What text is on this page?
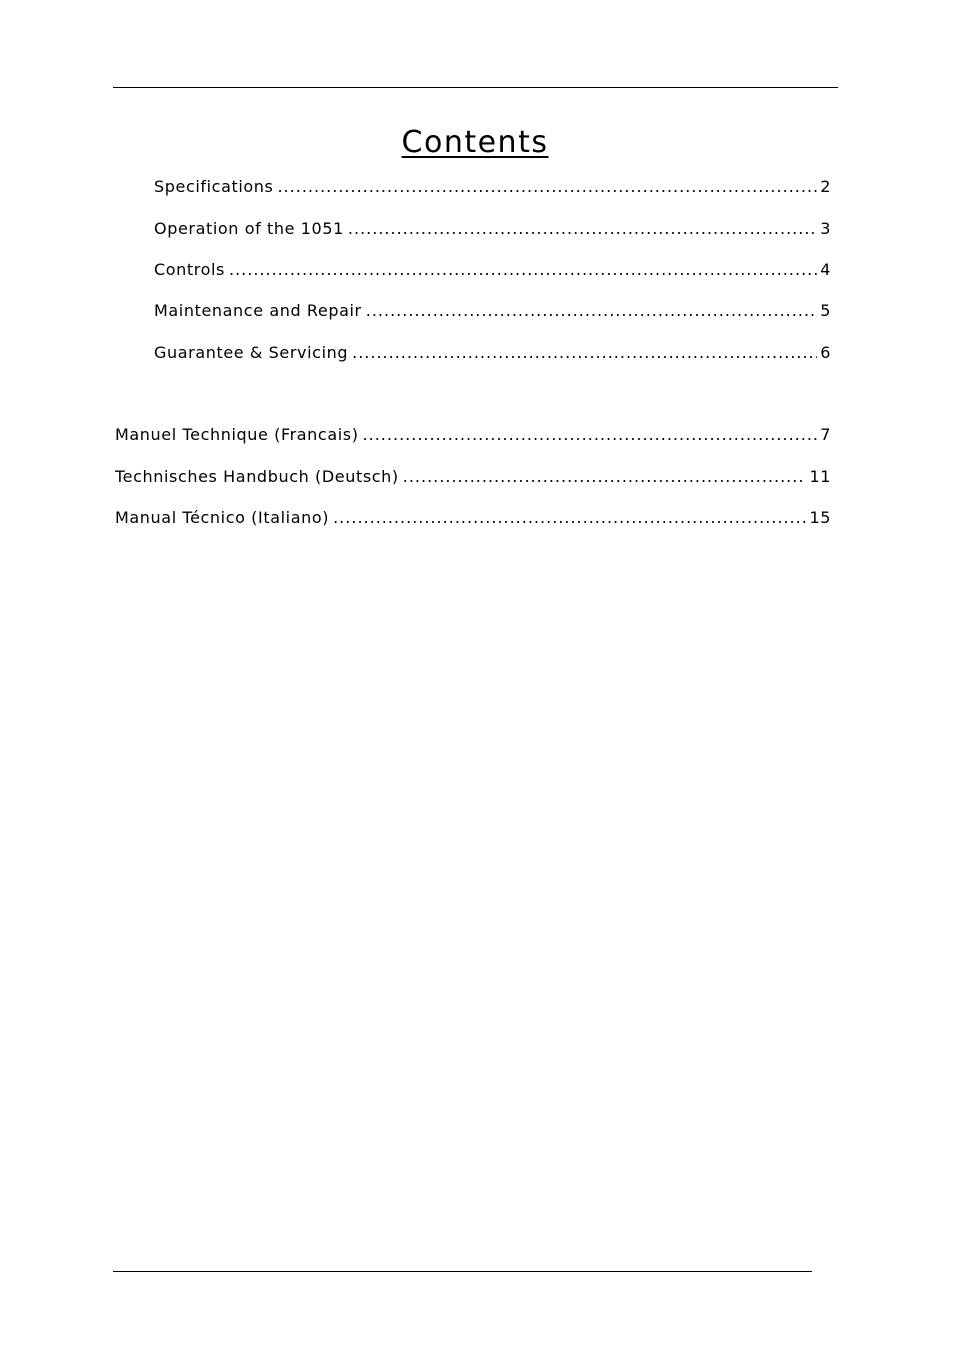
Contents
Specifications .....	2
Operation of the 1051 .....	3
Controls .....	4
Maintenance and Repair .....	5
Guarantee & Servicing .....	6
Manuel Technique (Francais) .....	7
Technisches Handbuch (Deutsch) .....	11
Manual Técnico (Italiano) .....	15
